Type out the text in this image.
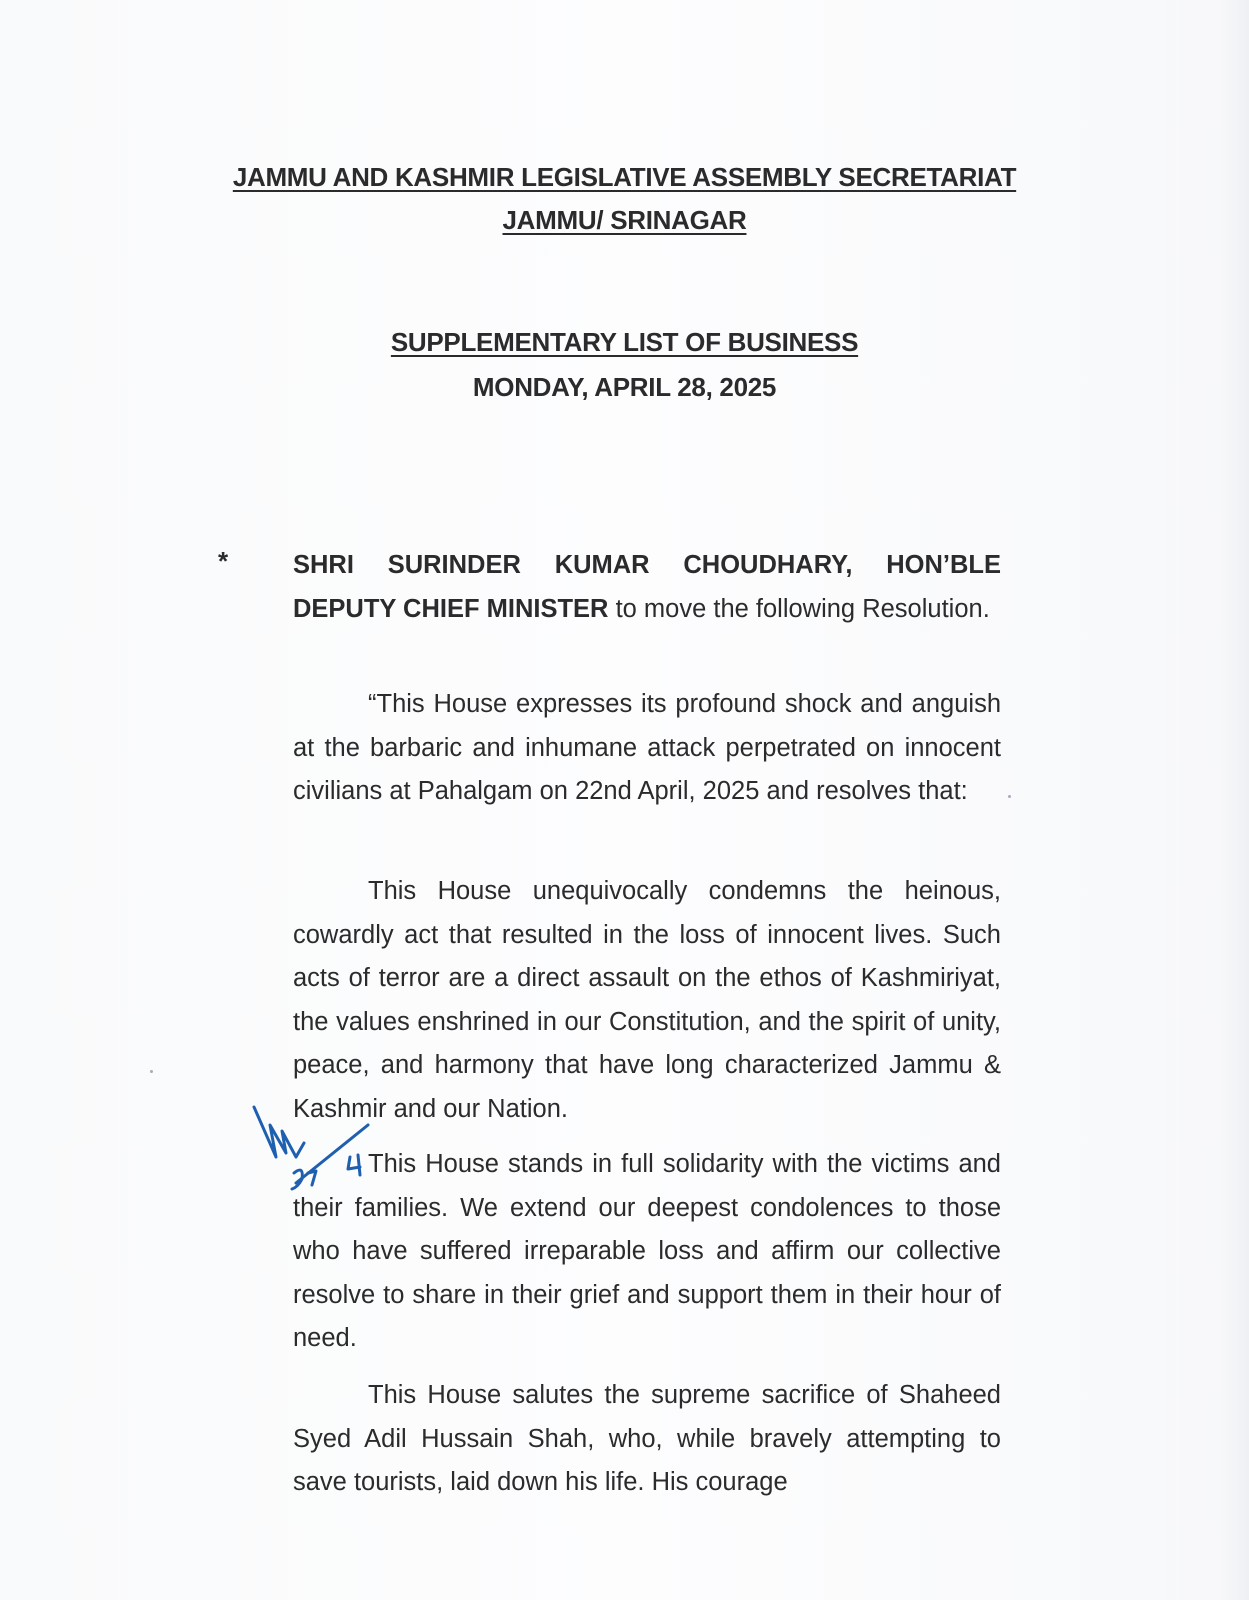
JAMMU AND KASHMIR LEGISLATIVE ASSEMBLY SECRETARIAT
JAMMU/ SRINAGAR
SUPPLEMENTARY LIST OF BUSINESS
MONDAY, APRIL 28, 2025
*	SHRI SURINDER KUMAR CHOUDHARY, HON’BLE DEPUTY CHIEF MINISTER to move the following Resolution.
“This House expresses its profound shock and anguish at the barbaric and inhumane attack perpetrated on innocent civilians at Pahalgam on 22nd April, 2025 and resolves that:
This House unequivocally condemns the heinous, cowardly act that resulted in the loss of innocent lives. Such acts of terror are a direct assault on the ethos of Kashmiriyat, the values enshrined in our Constitution, and the spirit of unity, peace, and harmony that have long characterized Jammu & Kashmir and our Nation.
This House stands in full solidarity with the victims and their families. We extend our deepest condolences to those who have suffered irreparable loss and affirm our collective resolve to share in their grief and support them in their hour of need.
This House salutes the supreme sacrifice of Shaheed Syed Adil Hussain Shah, who, while bravely attempting to save tourists, laid down his life. His courage
